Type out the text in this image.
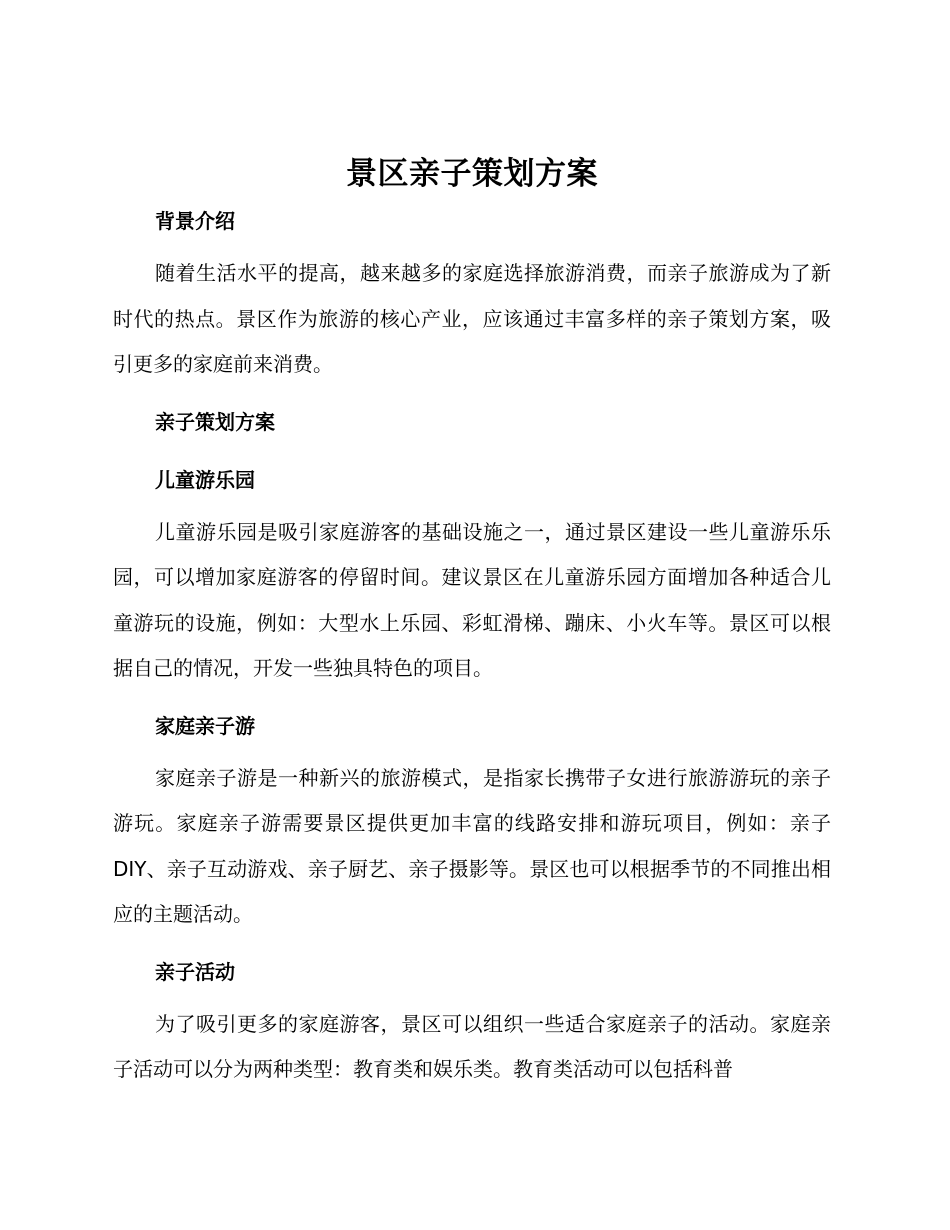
景区亲子策划方案
背景介绍

随着生活水平的提高，越来越多的家庭选择旅游消费，而亲子旅游成为了新时代的热点。景区作为旅游的核心产业，应该通过丰富多样的亲子策划方案，吸引更多的家庭前来消费。

亲子策划方案
儿童游乐园

儿童游乐园是吸引家庭游客的基础设施之一，通过景区建设一些儿童游乐乐园，可以增加家庭游客的停留时间。建议景区在儿童游乐园方面增加各种适合儿童游玩的设施，例如：大型水上乐园、彩虹滑梯、蹦床、小火车等。景区可以根据自己的情况，开发一些独具特色的项目。

家庭亲子游

家庭亲子游是一种新兴的旅游模式，是指家长携带子女进行旅游游玩的亲子游玩。家庭亲子游需要景区提供更加丰富的线路安排和游玩项目，例如：亲子 DIY、亲子互动游戏、亲子厨艺、亲子摄影等。景区也可以根据季节的不同推出相应的主题活动。

亲子活动

为了吸引更多的家庭游客，景区可以组织一些适合家庭亲子的活动。家庭亲子活动可以分为两种类型：教育类和娱乐类。教育类活动可以包括科普
